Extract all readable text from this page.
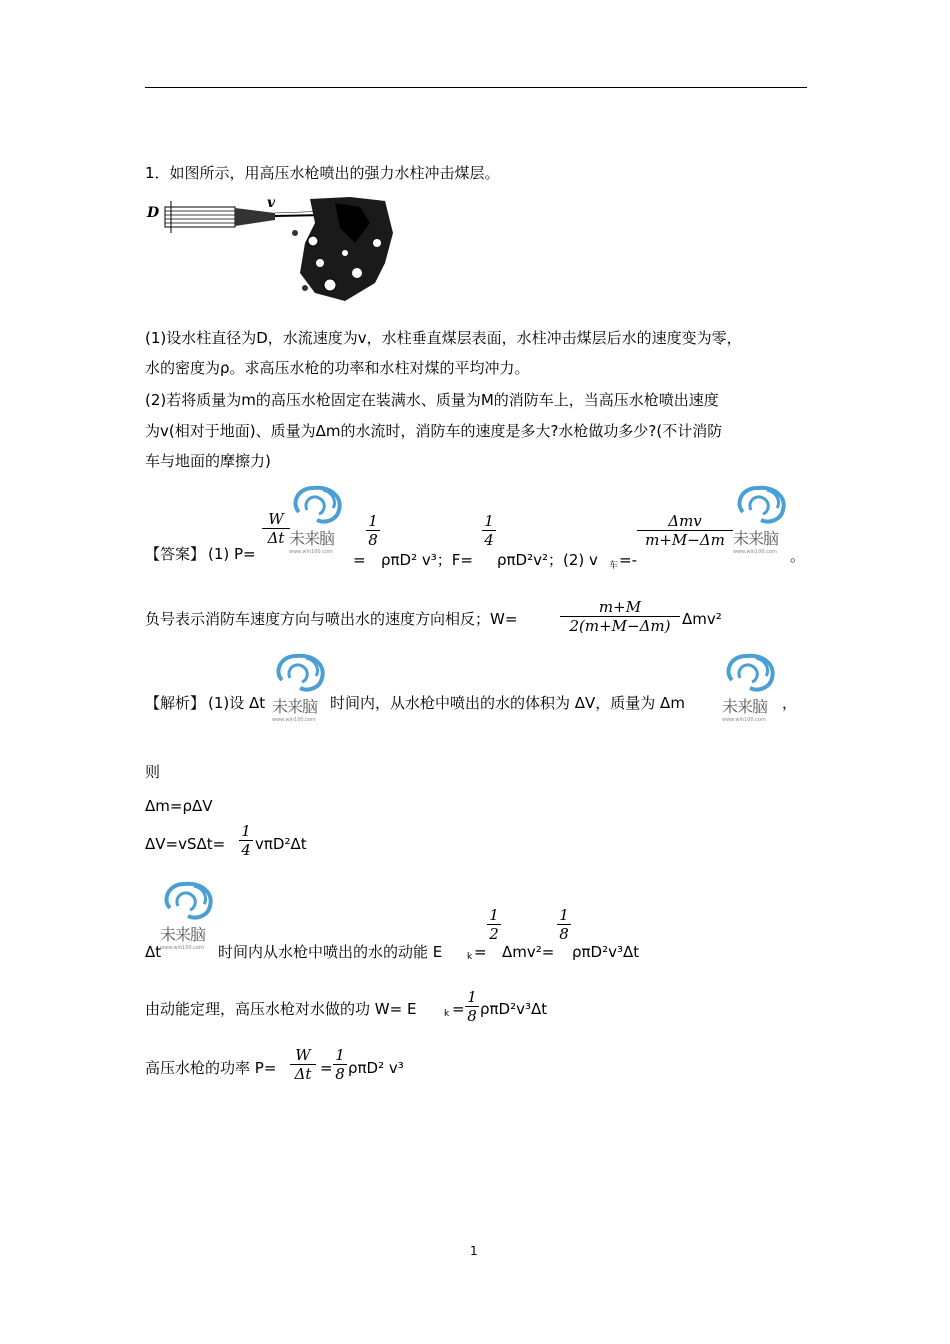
1．如图所示，用高压水枪喷出的强力水柱冲击煤层。
D
v
(1)设水柱直径为D，水流速度为v，水柱垂直煤层表面，水柱冲击煤层后水的速度变为零，
水的密度为ρ。求高压水枪的功率和水柱对煤的平均冲力。
(2)若将质量为m的高压水枪固定在装满水、质量为M的消防车上，当高压水枪喷出速度
为v(相对于地面)、质量为Δm的水流时，消防车的速度是多大?水枪做功多少?(不计消防
车与地面的摩擦力)
【答案】 (1) P=
$\frac{W}{\Delta t}$ 未来脑
www.wln100.com	=
$\frac{1}{8}$
ρπD² v³；F=
$\frac{1}{4}$
ρπD²v²；(2) v 车 =-
Δmv
m+M−Δm 未来脑
www.wln100.com 。
负号表示消防车速度方向与喷出水的速度方向相反；W=	$\frac{m+M}{2(m+M-\Delta m)} \Delta mv^2$
【解析】 (1)设 Δt 未来脑
www.wln100.com
时间内，从水枪中喷出的水的体积为 ΔV，质量为 Δm 未来脑
www.wln100.com
，
则
Δm=ρΔV
$\Delta V=vS\Delta t= \frac{1}{4} v\pi D^2\Delta t$
未来脑
www.wln100.com
Δt	时间内从水枪中喷出的水的动能 E	k =
$\frac{1}{2}$
Δmv²=
$\frac{1}{8}$
ρπD²v³Δt
由动能定理，高压水枪对水做的功 W= E	$k = \frac{1}{8} \rho\pi D^2v^3\Delta t$
高压水枪的功率 $P= \frac{W}{\Delta t} = \frac{1}{8} \rho\pi D^2$ v³
1
